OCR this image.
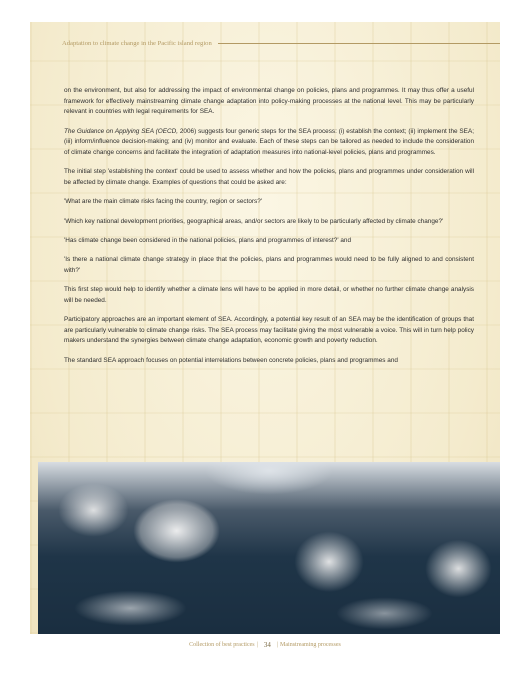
Adaptation to climate change in the Pacific island region

on the environment, but also for addressing the impact of environmental change on policies, plans and programmes. It may thus offer a useful framework for effectively mainstreaming climate change adaptation into policy-making processes at the national level. This may be particularly relevant in countries with legal requirements for SEA.

The Guidance on Applying SEA (OECD, 2006) suggests four generic steps for the SEA process: (i) establish the context; (ii) implement the SEA; (iii) inform/influence decision-making; and (iv) monitor and evaluate. Each of these steps can be tailored as needed to include the consideration of climate change concerns and facilitate the integration of adaptation measures into national-level policies, plans and programmes.

The initial step 'establishing the context' could be used to assess whether and how the policies, plans and programmes under consideration will be affected by climate change. Examples of questions that could be asked are:

'What are the main climate risks facing the country, region or sectors?'

'Which key national development priorities, geographical areas, and/or sectors are likely to be particularly affected by climate change?'

'Has climate change been considered in the national policies, plans and programmes of interest?' and

'Is there a national climate change strategy in place that the policies, plans and programmes would need to be fully aligned to and consistent with?'

This first step would help to identify whether a climate lens will have to be applied in more detail, or whether no further climate change analysis will be needed.

Participatory approaches are an important element of SEA. Accordingly, a potential key result of an SEA may be the identification of groups that are particularly vulnerable to climate change risks. The SEA process may facilitate giving the most vulnerable a voice. This will in turn help policy makers understand the synergies between climate change adaptation, economic growth and poverty reduction.

The standard SEA approach focuses on potential interrelations between concrete policies, plans and programmes and

Collection of best practices | 34 | Mainstreaming processes
